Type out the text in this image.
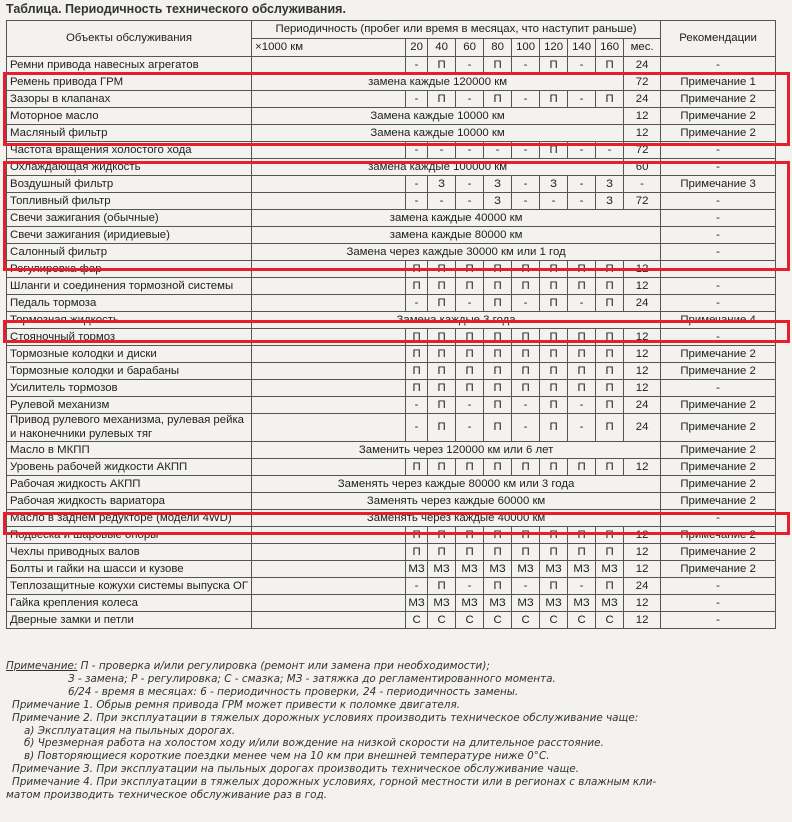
Таблица. Периодичность технического обслуживания.
Объекты обслуживания	Периодичность (пробег или время в месяцах, что наступит раньше)										Рекомендации
	×1000 км	20	40	60	80	100	120	140	160	мес.	
Ремни привода навесных агрегатов		-	П	-	П	-	П	-	П	24	-
Ремень привода ГРМ	замена каждые 120000 км									72	Примечание 1
Зазоры в клапанах		-	П	-	П	-	П	-	П	24	Примечание 2
Моторное масло	Замена каждые 10000 км									12	Примечание 2
Масляный фильтр	Замена каждые 10000 км									12	Примечание 2
Частота вращения холостого хода		-	-	-	-	-	П	-	-	72	-
Охлаждающая жидкость	замена каждые 100000 км									60	-
Воздушный фильтр		-	З	-	З	-	З	-	З	-	Примечание 3
Топливный фильтр		-	-	-	З	-	-	-	З	72	-
Свечи зажигания (обычные)	замена каждые 40000 км										-
Свечи зажигания (иридиевые)	замена каждые 80000 км										-
Салонный фильтр	Замена через каждые 30000 км или 1 год										-
Регулировка фар		П	П	П	П	П	П	П	П	12	-
Шланги и соединения тормозной системы		П	П	П	П	П	П	П	П	12	-
Педаль тормоза		-	П	-	П	-	П	-	П	24	-
Тормозная жидкость	Замена каждые 3 года										Примечание 4
Стояночный тормоз		П	П	П	П	П	П	П	П	12	-
Тормозные колодки и диски		П	П	П	П	П	П	П	П	12	Примечание 2
Тормозные колодки и барабаны		П	П	П	П	П	П	П	П	12	Примечание 2
Усилитель тормозов		П	П	П	П	П	П	П	П	12	-
Рулевой механизм		-	П	-	П	-	П	-	П	24	Примечание 2
Привод рулевого механизма, рулевая рейка и наконечники рулевых тяг		-	П	-	П	-	П	-	П	24	Примечание 2
Масло в МКПП	Заменить через 120000 км или 6 лет										Примечание 2
Уровень рабочей жидкости АКПП		П	П	П	П	П	П	П	П	12	Примечание 2
Рабочая жидкость АКПП	Заменять через каждые 80000 км или 3 года										Примечание 2
Рабочая жидкость вариатора	Заменять через каждые 60000 км										Примечание 2
Масло в заднем редукторе (модели 4WD)	Заменять через каждые 40000 км										-
Подвеска и шаровые опоры		П	П	П	П	П	П	П	П	12	Примечание 2
Чехлы приводных валов		П	П	П	П	П	П	П	П	12	Примечание 2
Болты и гайки на шасси и кузове		МЗ	МЗ	МЗ	МЗ	МЗ	МЗ	МЗ	МЗ	12	Примечание 2
Теплозащитные кожухи системы выпуска ОГ		-	П	-	П	-	П	-	П	24	-
Гайка крепления колеса		МЗ	МЗ	МЗ	МЗ	МЗ	МЗ	МЗ	МЗ	12	-
Дверные замки и петли		С	С	С	С	С	С	С	С	12	-
Примечание: П - проверка и/или регулировка (ремонт или замена при необходимости);
З - замена; Р - регулировка; С - смазка; МЗ - затяжка до регламентированного момента.
6/24 - время в месяцах: 6 - периодичность проверки, 24 - периодичность замены.
Примечание 1. Обрыв ремня привода ГРМ может привести к поломке двигателя.
Примечание 2. При эксплуатации в тяжелых дорожных условиях производить техническое обслуживание чаще:
а) Эксплуатация на пыльных дорогах.
б) Чрезмерная работа на холостом ходу и/или вождение на низкой скорости на длительное расстояние.
в) Повторяющиеся короткие поездки менее чем на 10 км при внешней температуре ниже 0°С.
Примечание 3. При эксплуатации на пыльных дорогах производить техническое обслуживание чаще.
Примечание 4. При эксплуатации в тяжелых дорожных условиях, горной местности или в регионах с влажным кли-
матом производить техническое обслуживание раз в год.
